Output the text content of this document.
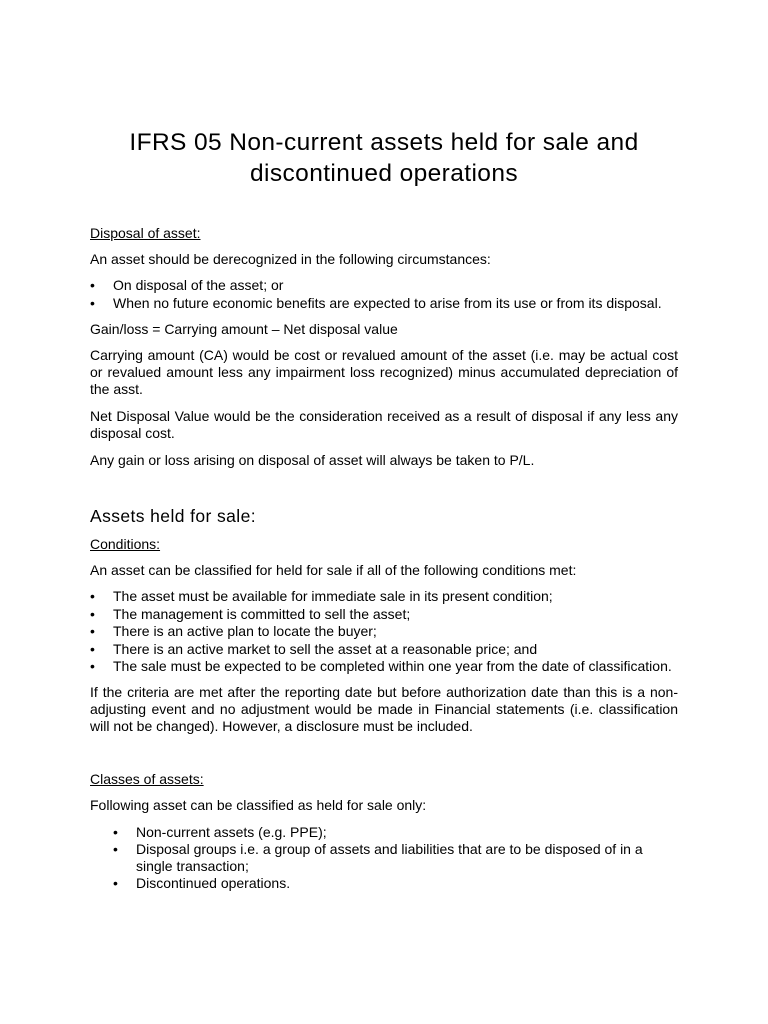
IFRS 05 Non-current assets held for sale and
discontinued operations

Disposal of asset:

An asset should be derecognized in the following circumstances:

• On disposal of the asset; or
• When no future economic benefits are expected to arise from its use or from its disposal.

Gain/loss = Carrying amount – Net disposal value

Carrying amount (CA) would be cost or revalued amount of the asset (i.e. may be actual cost or revalued amount less any impairment loss recognized) minus accumulated depreciation of the asst.

Net Disposal Value would be the consideration received as a result of disposal if any less any disposal cost.

Any gain or loss arising on disposal of asset will always be taken to P/L.

Assets held for sale:

Conditions:

An asset can be classified for held for sale if all of the following conditions met:

• The asset must be available for immediate sale in its present condition;
• The management is committed to sell the asset;
• There is an active plan to locate the buyer;
• There is an active market to sell the asset at a reasonable price; and
• The sale must be expected to be completed within one year from the date of classification.

If the criteria are met after the reporting date but before authorization date than this is a non-adjusting event and no adjustment would be made in Financial statements (i.e. classification will not be changed). However, a disclosure must be included.

Classes of assets:

Following asset can be classified as held for sale only:

• Non-current assets (e.g. PPE);
• Disposal groups i.e. a group of assets and liabilities that are to be disposed of in a single transaction;
• Discontinued operations.
